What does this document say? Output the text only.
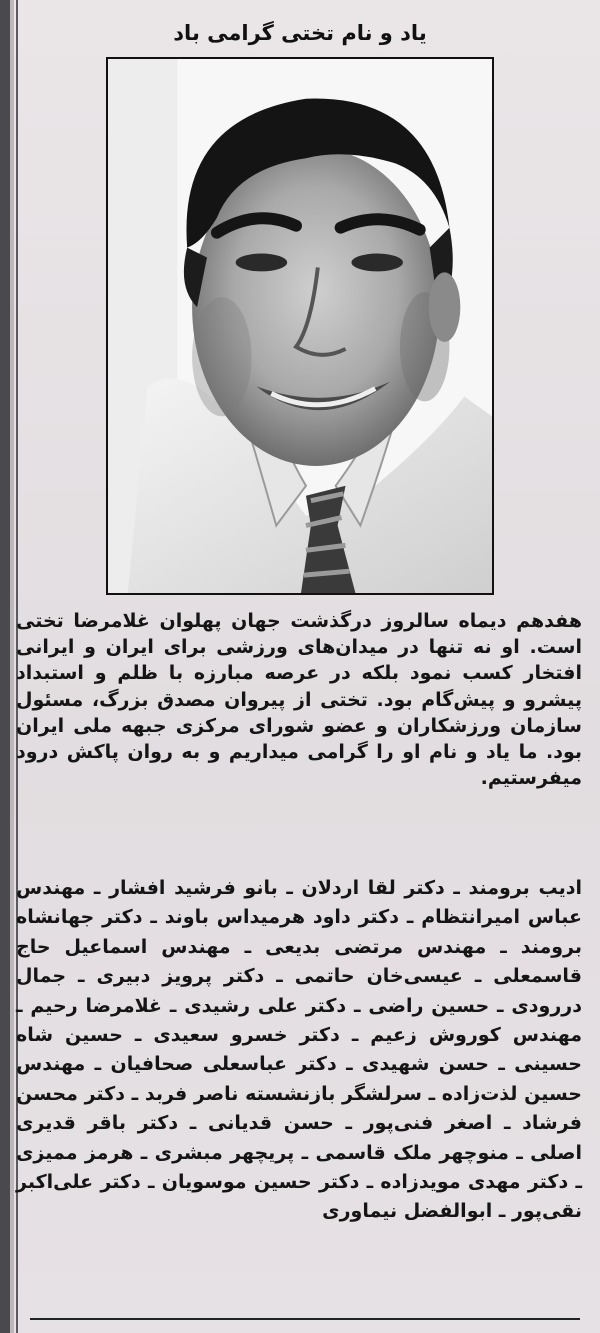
یاد و نام تختی گرامی باد

هفدهم دیماه سالروز درگذشت جهان پهلوان غلامرضا تختی است. او نه تنها در میدان‌های ورزشی برای ایران و ایرانی افتخار کسب نمود بلکه در عرصه مبارزه با ظلم و استبداد پیشرو و پیش‌گام بود. تختی از پیروان مصدق بزرگ، مسئول سازمان ورزشکاران و عضو شورای مرکزی جبهه ملی ایران بود. ما یاد و نام او را گرامی میداریم و به روان پاکش درود میفرستیم.

ادیب برومند ـ دکتر لقا اردلان ـ بانو فرشید افشار ـ مهندس عباس امیرانتظام ـ دکتر داود هرمیداس باوند ـ دکتر جهانشاه برومند ـ مهندس مرتضی بدیعی ـ مهندس اسماعیل حاج قاسمعلی ـ عیسی‌خان حاتمی ـ دکتر پرویز دبیری ـ جمال دررودی ـ حسین راضی ـ دکتر علی رشیدی ـ غلامرضا رحیم ـ مهندس کوروش زعیم ـ دکتر خسرو سعیدی ـ حسین شاه حسینی ـ حسن شهیدی ـ دکتر عباسعلی صحافیان ـ مهندس حسین لذت‌زاده ـ سرلشگر بازنشسته ناصر فربد ـ دکتر محسن فرشاد ـ اصغر فنی‌پور ـ حسن قدیانی ـ دکتر باقر قدیری اصلی ـ منوچهر ملک قاسمی ـ پریچهر مبشری ـ هرمز ممیزی ـ دکتر مهدی مویدزاده ـ دکتر حسین موسویان ـ دکتر علی‌اکبر نقی‌پور ـ ابوالفضل نیماوری
